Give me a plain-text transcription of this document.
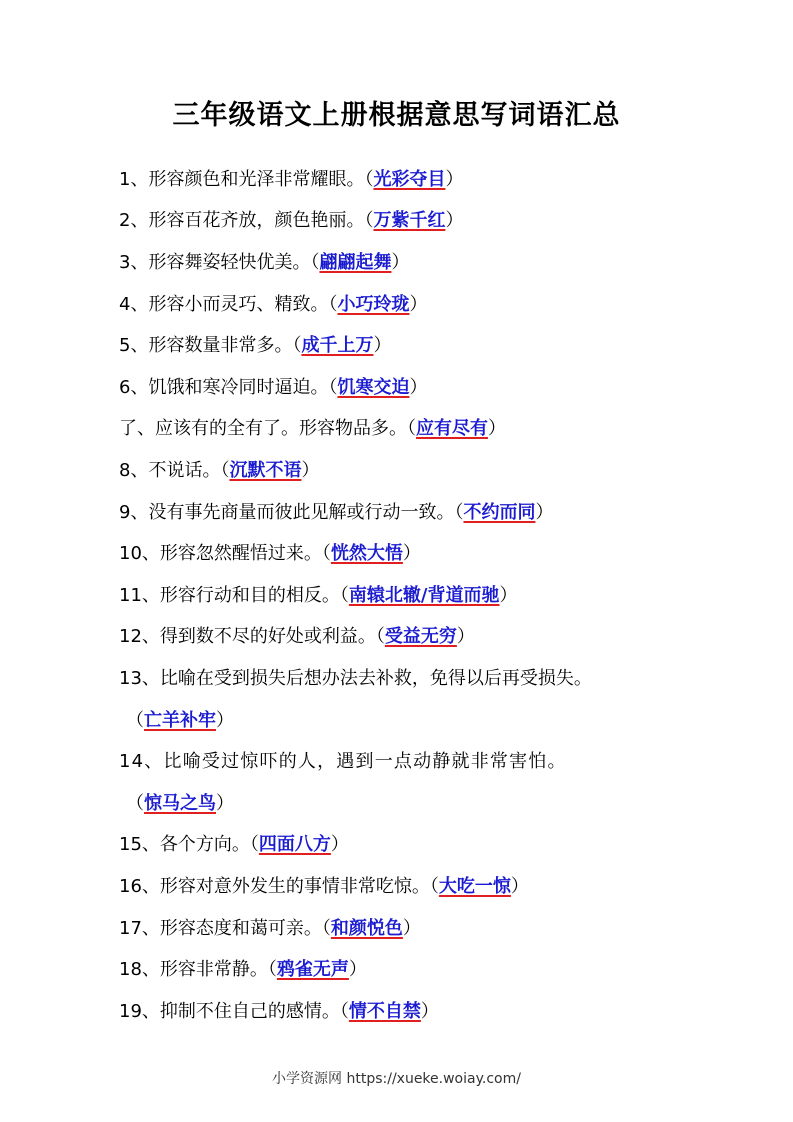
三年级语文上册根据意思写词语汇总
1、形容颜色和光泽非常耀眼。（光彩夺目）
2、形容百花齐放，颜色艳丽。（万紫千红）
3、形容舞姿轻快优美。（翩翩起舞）
4、形容小而灵巧、精致。（小巧玲珑）
5、形容数量非常多。（成千上万）
6、饥饿和寒冷同时逼迫。（饥寒交迫）
了、应该有的全有了。形容物品多。（应有尽有）
8、不说话。（沉默不语）
9、没有事先商量而彼此见解或行动一致。（不约而同）
10、形容忽然醒悟过来。（恍然大悟）
11、形容行动和目的相反。（南辕北辙/背道而驰）
12、得到数不尽的好处或利益。（受益无穷）
13、比喻在受到损失后想办法去补救，免得以后再受损失。
（亡羊补牢）
14、比喻受过惊吓的人，遇到一点动静就非常害怕。
（惊马之鸟）
15、各个方向。（四面八方）
16、形容对意外发生的事情非常吃惊。（大吃一惊）
17、形容态度和蔼可亲。（和颜悦色）
18、形容非常静。（鸦雀无声）
19、抑制不住自己的感情。（情不自禁）
小学资源网 https://xueke.woiay.com/
